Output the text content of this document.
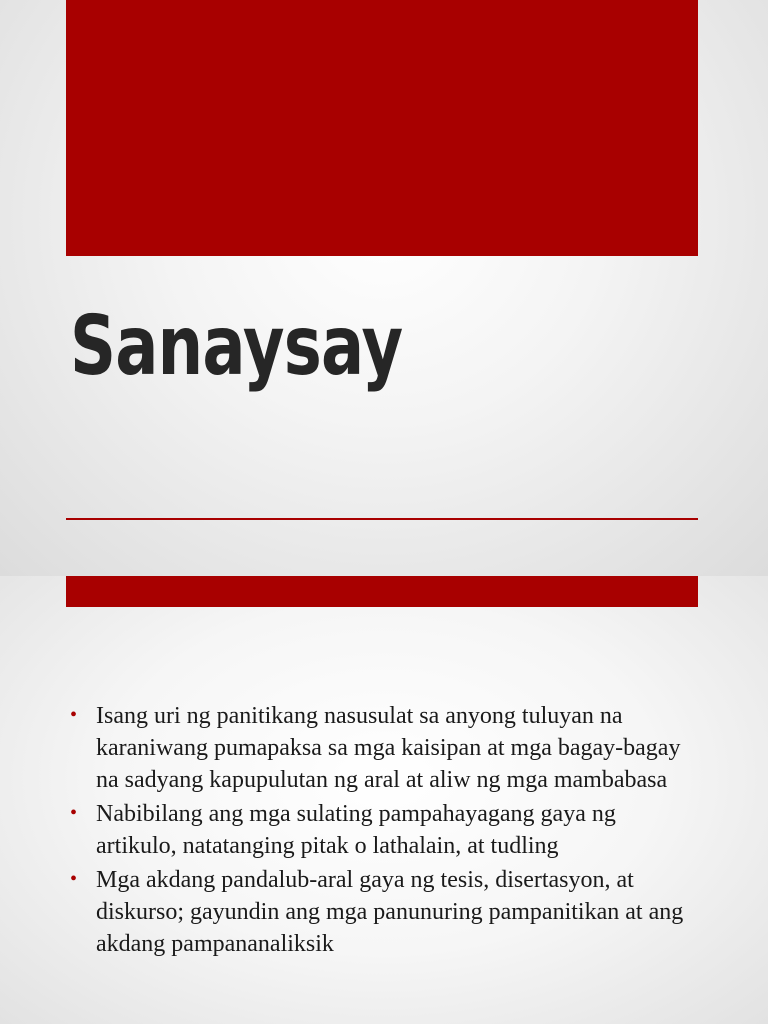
Sanaysay
• Isang uri ng panitikang nasusulat sa anyong tuluyan na karaniwang pumapaksa sa mga kaisipan at mga bagay-bagay na sadyang kapupulutan ng aral at aliw ng mga mambabasa
• Nabibilang ang mga sulating pampahayagang gaya ng artikulo, natatanging pitak o lathalain, at tudling
• Mga akdang pandalub-aral gaya ng tesis, disertasyon, at diskurso; gayundin ang mga panunuring pampanitikan at ang akdang pampananaliksik
